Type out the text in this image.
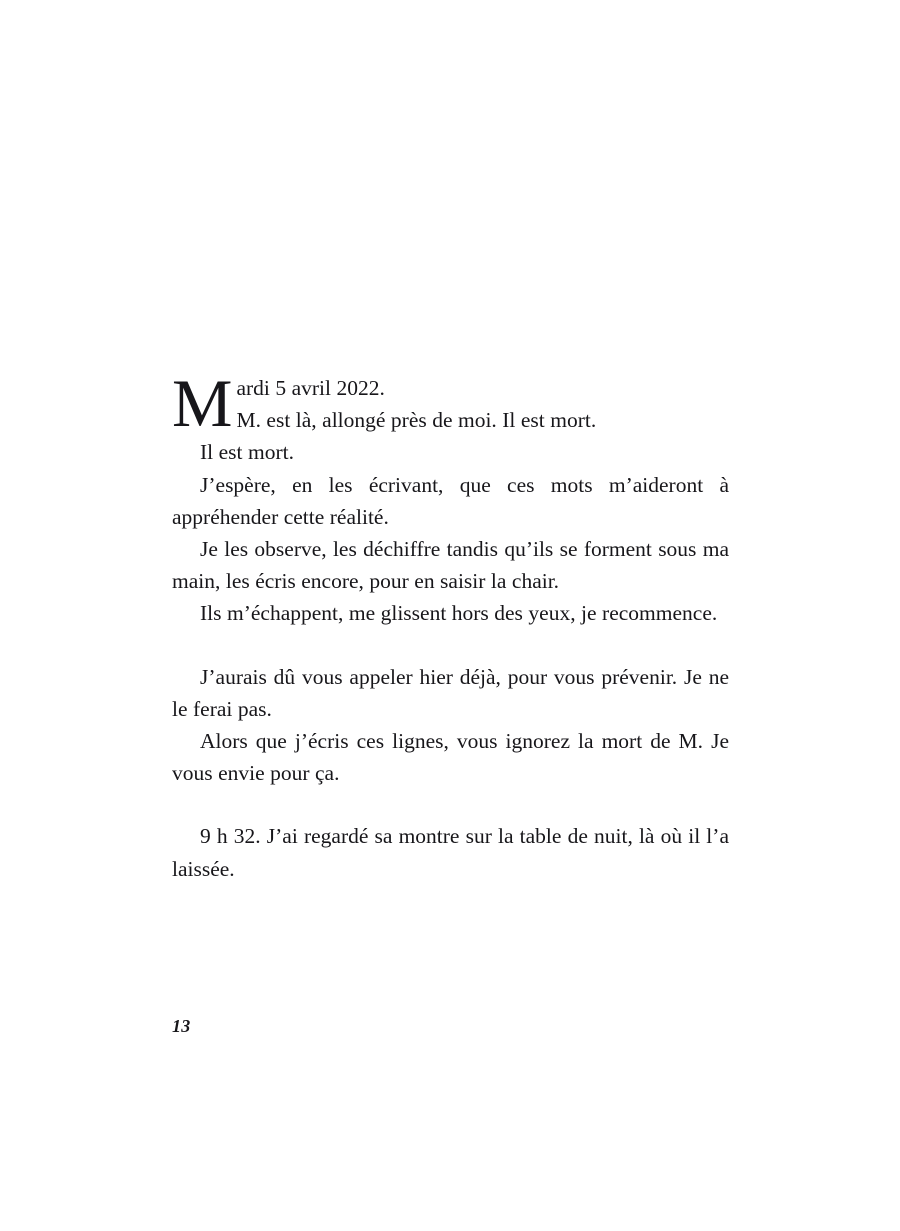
Mardi 5 avril 2022.
M. est là, allongé près de moi. Il est mort.

Il est mort.

J’espère, en les écrivant, que ces mots m’aideront à appréhender cette réalité.

Je les observe, les déchiffre tandis qu’ils se forment sous ma main, les écris encore, pour en saisir la chair.

Ils m’échappent, me glissent hors des yeux, je recommence.

J’aurais dû vous appeler hier déjà, pour vous prévenir. Je ne le ferai pas.

Alors que j’écris ces lignes, vous ignorez la mort de M. Je vous envie pour ça.

9 h 32. J’ai regardé sa montre sur la table de nuit, là où il l’a laissée.

13
